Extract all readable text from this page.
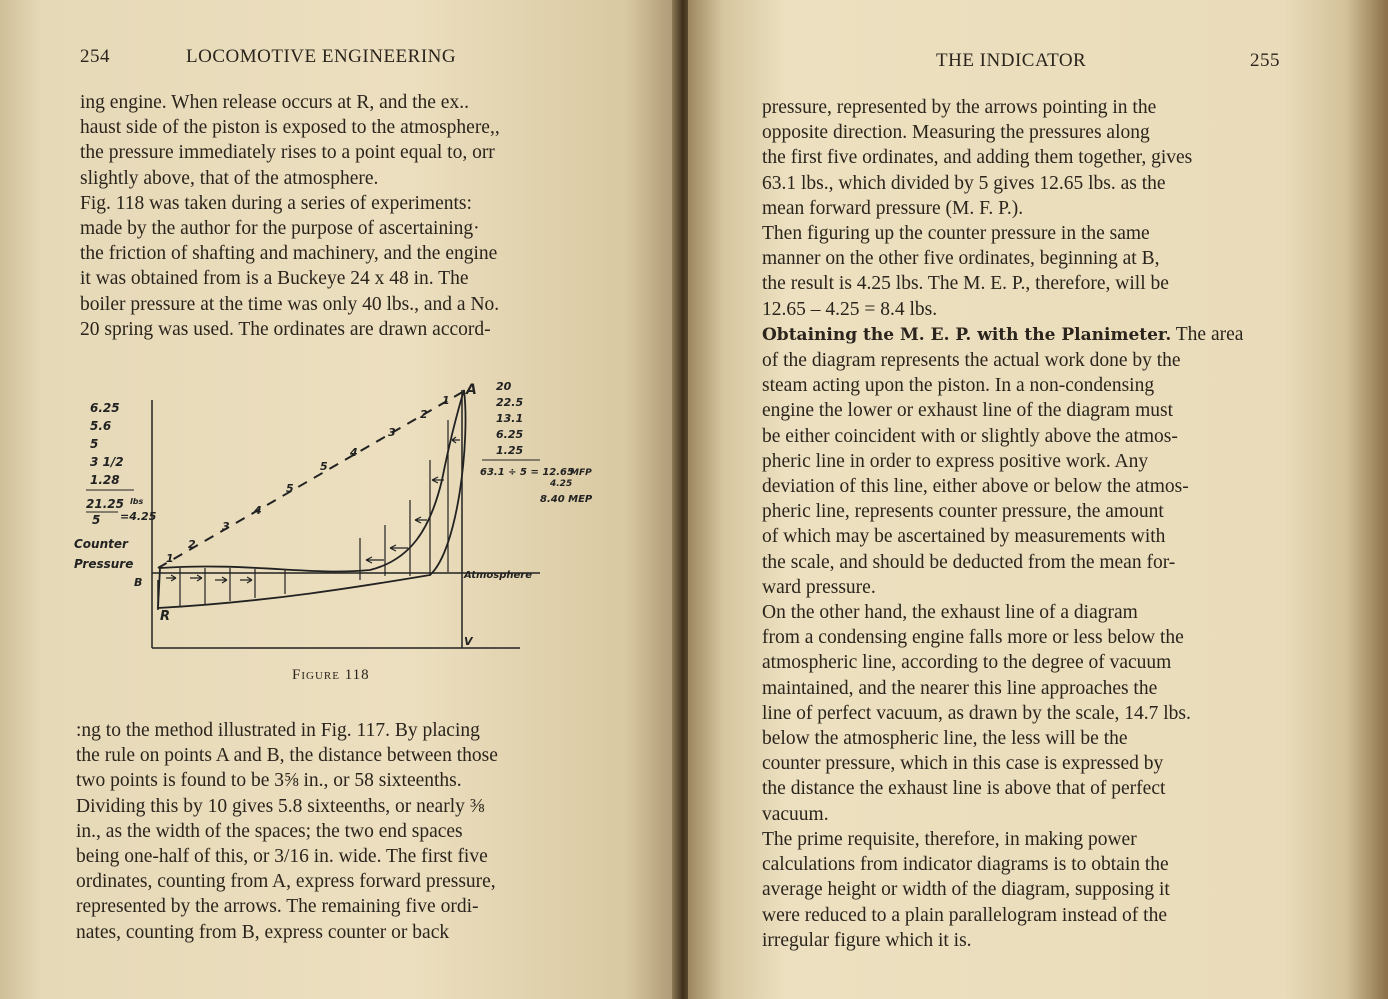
254	LOCOMOTIVE ENGINEERING
ing engine. When release occurs at R, and the ex..
haust side of the piston is exposed to the atmosphere,,
the pressure immediately rises to a point equal to, orr
slightly above, that of the atmosphere.
Fig. 118 was taken during a series of experiments:
made by the author for the purpose of ascertaining·
the friction of shafting and machinery, and the engine
it was obtained from is a Buckeye 24 x 48 in. The
boiler pressure at the time was only 40 lbs., and a No.
20 spring was used. The ordinates are drawn accord-
A
B
R
V
Counter
Pressure
Atmosphere
6.25
5.6
5
3 1/2
1.28
21.25 lbs
5 =4.25
20
22.5
13.1
6.25
1.25
63.1 ÷ 5 = 12.65
MFP
4.25
8.40 MEP
1
2
3
4
5
5
4
3
2
1
Figure 118
:ng to the method illustrated in Fig. 117. By placing
the rule on points A and B, the distance between those
two points is found to be 3⅝ in., or 58 sixteenths.
Dividing this by 10 gives 5.8 sixteenths, or nearly ⅜
in., as the width of the spaces; the two end spaces
being one-half of this, or 3/16 in. wide. The first five
ordinates, counting from A, express forward pressure,
represented by the arrows. The remaining five ordi-
nates, counting from B, express counter or back
THE INDICATOR	255
pressure, represented by the arrows pointing in the
opposite direction. Measuring the pressures along
the first five ordinates, and adding them together, gives
63.1 lbs., which divided by 5 gives 12.65 lbs. as the
mean forward pressure (M. F. P.).
Then figuring up the counter pressure in the same
manner on the other five ordinates, beginning at B,
the result is 4.25 lbs. The M. E. P., therefore, will be
12.65 – 4.25 = 8.4 lbs.
Obtaining the M. E. P. with the Planimeter. The area
of the diagram represents the actual work done by the
steam acting upon the piston. In a non-condensing
engine the lower or exhaust line of the diagram must
be either coincident with or slightly above the atmos-
pheric line in order to express positive work. Any
deviation of this line, either above or below the atmos-
pheric line, represents counter pressure, the amount
of which may be ascertained by measurements with
the scale, and should be deducted from the mean for-
ward pressure.
On the other hand, the exhaust line of a diagram
from a condensing engine falls more or less below the
atmospheric line, according to the degree of vacuum
maintained, and the nearer this line approaches the
line of perfect vacuum, as drawn by the scale, 14.7 lbs.
below the atmospheric line, the less will be the
counter pressure, which in this case is expressed by
the distance the exhaust line is above that of perfect
vacuum.
The prime requisite, therefore, in making power
calculations from indicator diagrams is to obtain the
average height or width of the diagram, supposing it
were reduced to a plain parallelogram instead of the
irregular figure which it is.
